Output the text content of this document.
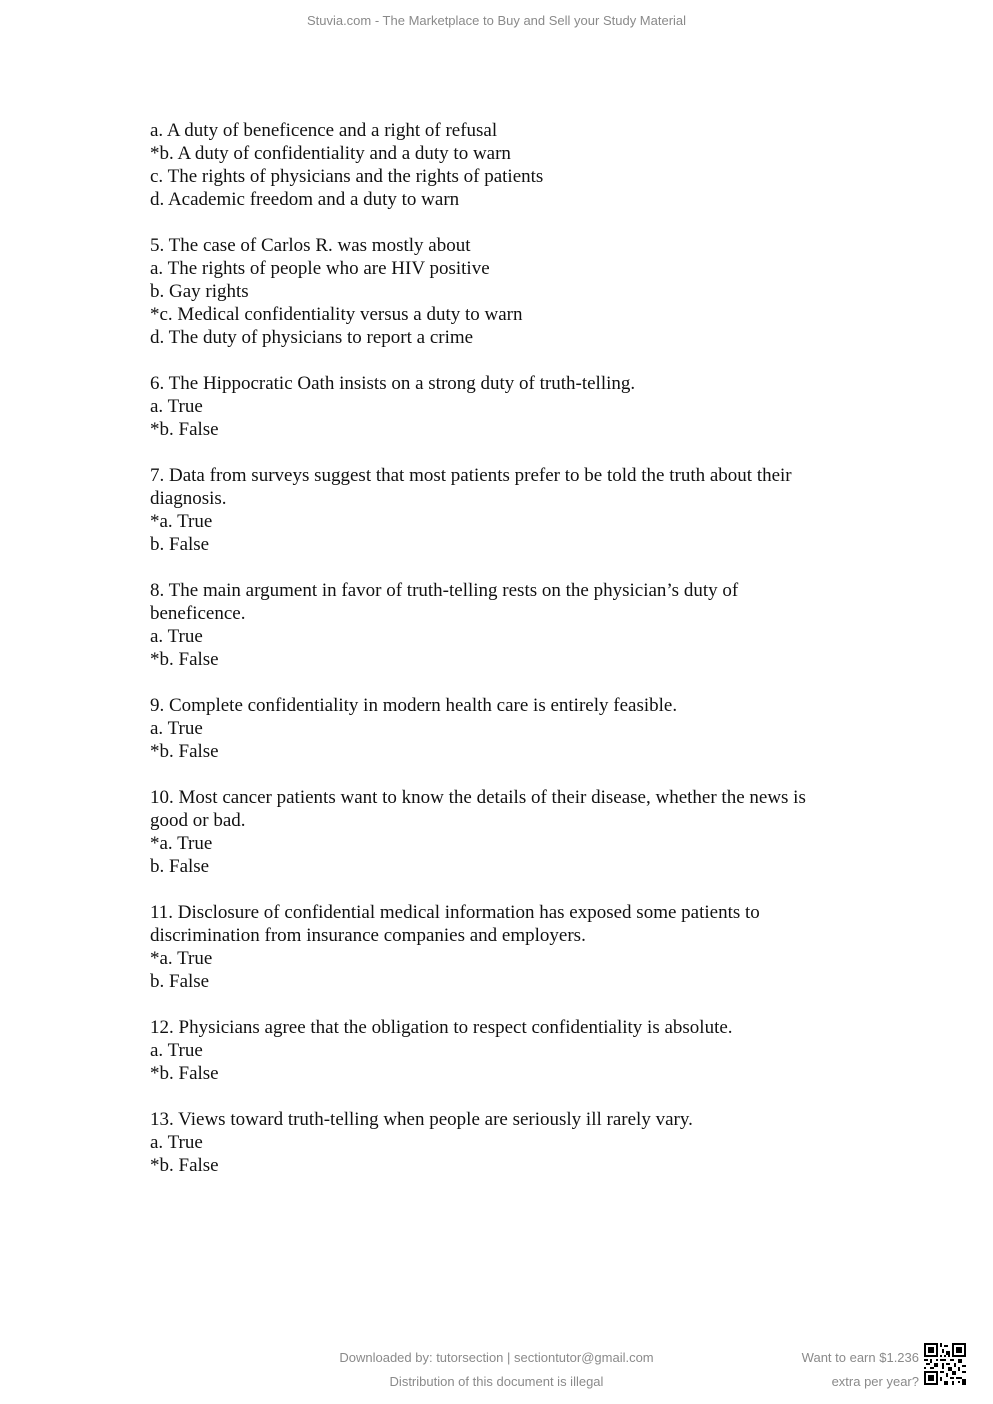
Stuvia.com - The Marketplace to Buy and Sell your Study Material
a. A duty of beneficence and a right of refusal
*b. A duty of confidentiality and a duty to warn
c. The rights of physicians and the rights of patients
d. Academic freedom and a duty to warn
5. The case of Carlos R. was mostly about
a. The rights of people who are HIV positive
b. Gay rights
*c. Medical confidentiality versus a duty to warn
d. The duty of physicians to report a crime
6. The Hippocratic Oath insists on a strong duty of truth-telling.
a. True
*b. False
7. Data from surveys suggest that most patients prefer to be told the truth about their
diagnosis.
*a. True
b. False
8. The main argument in favor of truth-telling rests on the physician’s duty of
beneficence.
a. True
*b. False
9. Complete confidentiality in modern health care is entirely feasible.
a. True
*b. False
10. Most cancer patients want to know the details of their disease, whether the news is
good or bad.
*a. True
b. False
11. Disclosure of confidential medical information has exposed some patients to
discrimination from insurance companies and employers.
*a. True
b. False
12. Physicians agree that the obligation to respect confidentiality is absolute.
a. True
*b. False
13. Views toward truth-telling when people are seriously ill rarely vary.
a. True
*b. False
Downloaded by: tutorsection | sectiontutor@gmail.com
Distribution of this document is illegal
Want to earn $1.236
extra per year?
